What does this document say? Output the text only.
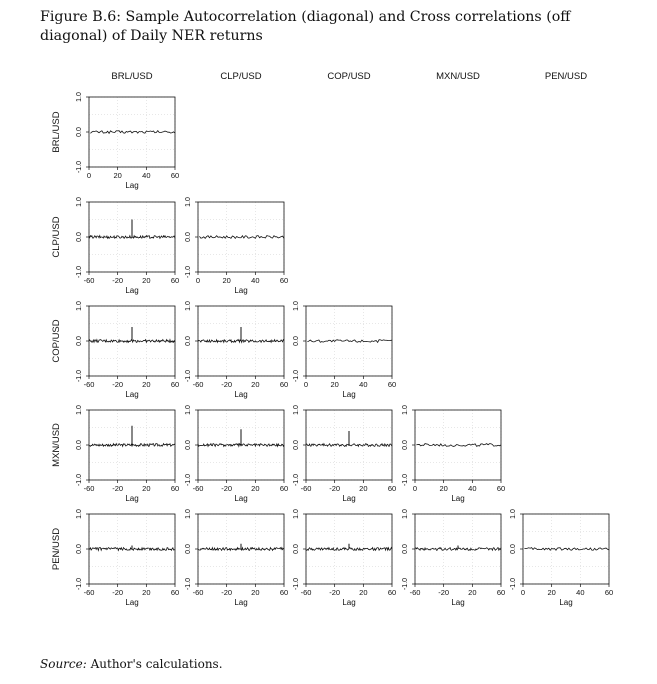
Figure B.6: Sample Autocorrelation (diagonal) and Cross correlations (off diagonal) of Daily NER returns
BRL/USD	CLP/USD	COP/USD	MXN/USD	PEN/USD
BRL/USD
CLP/USD
COP/USD
MXN/USD
PEN/USD
0	20	40	60
Lag
-1.0
0.0
1.0
-60 -20	20	60
Lag
-1.0
0.0
1.0
0	20	40	60
Lag
-1.0
0.0
1.0
-60 -20	20	60
Lag
-1.0
0.0
1.0
-60 -20	20	60
Lag
-1.0
0.0
1.0
0	20	40	60
Lag
-1.0
0.0
1.0
-60 -20	20	60
Lag
-1.0
0.0
1.0
-60 -20	20	60
Lag
-1.0
0.0
1.0
-60 -20	20	60
Lag
-1.0
0.0
1.0
0	20	40	60
Lag
-1.0
0.0
1.0
-60 -20	20	60
Lag
-1.0
0.0
1.0
-60 -20	20	60
Lag
-1.0
0.0
1.0
-60 -20	20	60
Lag
-1.0
0.0
1.0
-60 -20	20	60
Lag
-1.0
0.0
1.0
0	20	40	60
Lag
-1.0
0.0
1.0
Source: Author's calculations.
